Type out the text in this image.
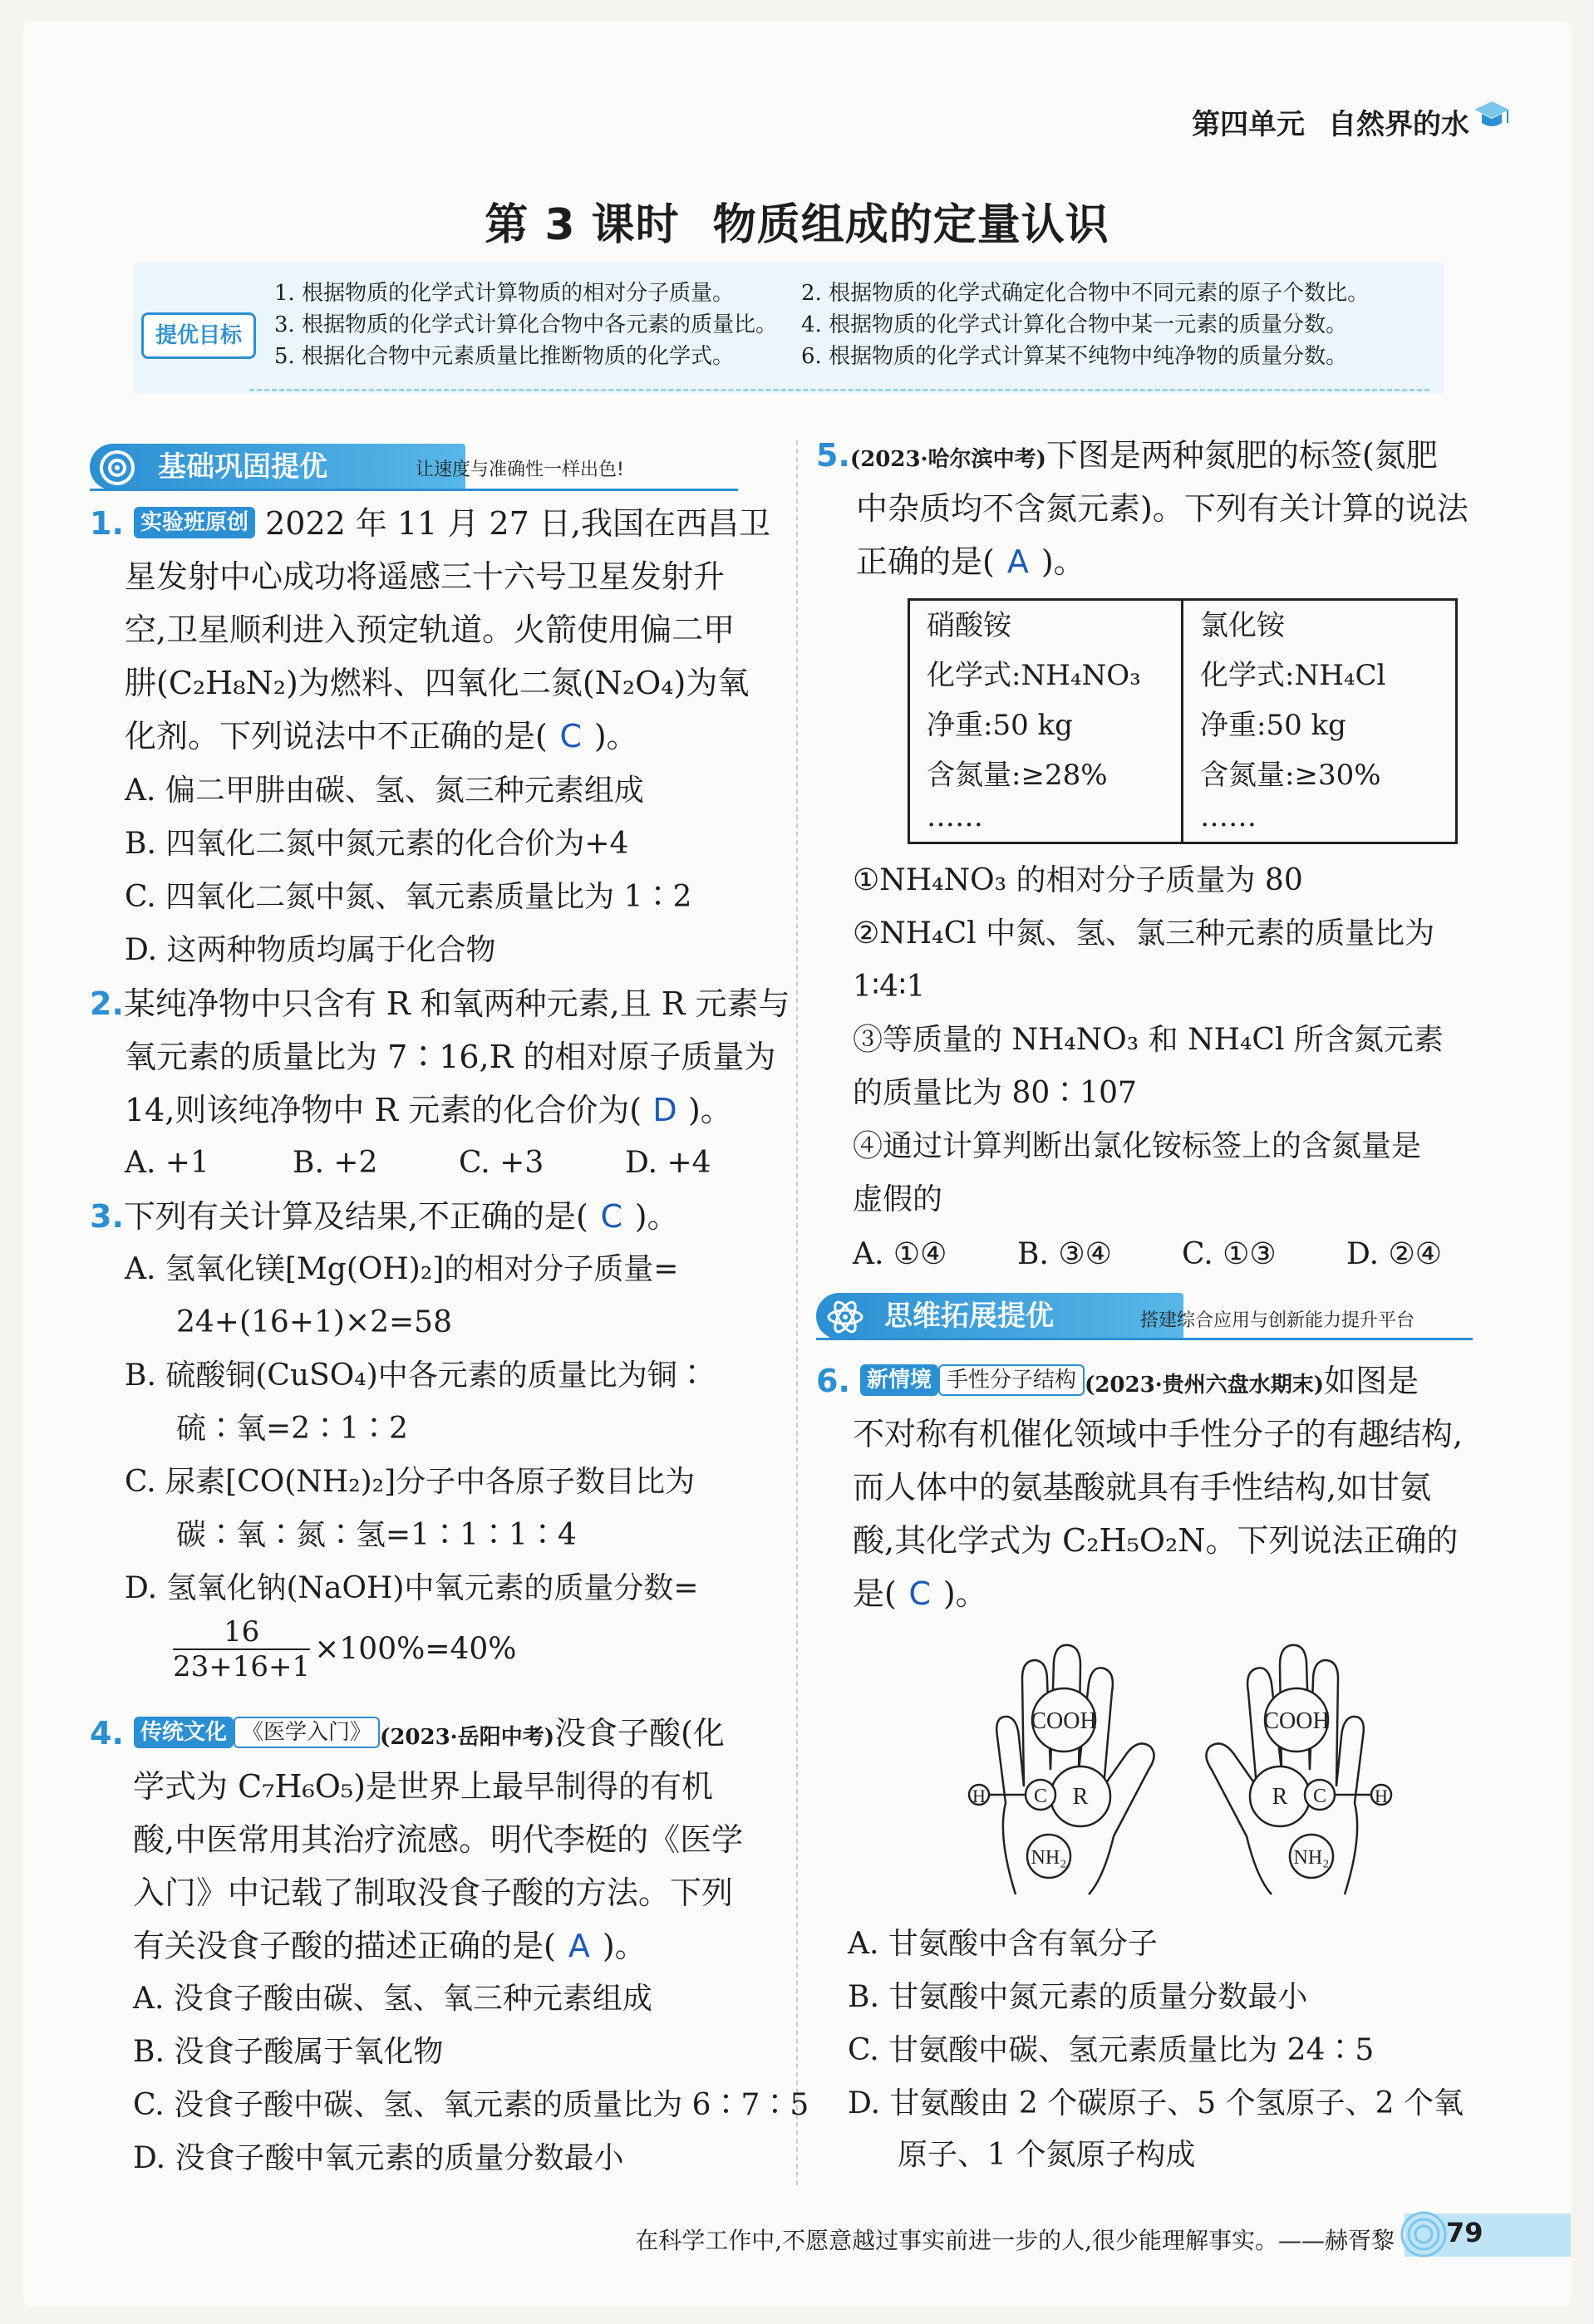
第四单元 自然界的水
第 3 课时 物质组成的定量认识
提优目标
1. 根据物质的化学式计算物质的相对分子质量。	2. 根据物质的化学式确定化合物中不同元素的原子个数比。
3. 根据物质的化学式计算化合物中各元素的质量比。 4. 根据物质的化学式计算化合物中某一元素的质量分数。
5. 根据化合物中元素质量比推断物质的化学式。	6. 根据物质的化学式计算某不纯物中纯净物的质量分数。
基础巩固提优	让速度与准确性一样出色!
1. 实验班原创 2022 年 11 月 27 日,我国在西昌卫
星发射中心成功将遥感三十六号卫星发射升
空,卫星顺利进入预定轨道。火箭使用偏二甲
肼(C₂H₈N₂)为燃料、四氧化二氮(N₂O₄)为氧
化剂。下列说法中不正确的是( C )。
A. 偏二甲肼由碳、氢、氮三种元素组成
B. 四氧化二氮中氮元素的化合价为+4
C. 四氧化二氮中氮、氧元素质量比为 1∶2
D. 这两种物质均属于化合物
2.某纯净物中只含有 R 和氧两种元素,且 R 元素与
氧元素的质量比为 7∶16,R 的相对原子质量为
14,则该纯净物中 R 元素的化合价为( D )。
A. +1	B. +2	C. +3	D. +4
3.下列有关计算及结果,不正确的是( C )。
A. 氢氧化镁[Mg(OH)₂]的相对分子质量=
24+(16+1)×2=58
B. 硫酸铜(CuSO₄)中各元素的质量比为铜∶
硫∶氧=2∶1∶2
C. 尿素[CO(NH₂)₂]分子中各原子数目比为
碳∶氧∶氮∶氢=1∶1∶1∶4
D. 氢氧化钠(NaOH)中氧元素的质量分数=
$\frac{16}{23+16+1} \times 100\%=40\%$
4. 传统文化 《医学入门》 (2023·岳阳中考)没食子酸(化
学式为 C₇H₆O₅)是世界上最早制得的有机
酸,中医常用其治疗流感。明代李梃的《医学
入门》中记载了制取没食子酸的方法。下列
有关没食子酸的描述正确的是( A )。
A. 没食子酸由碳、氢、氧三种元素组成
B. 没食子酸属于氧化物
C. 没食子酸中碳、氢、氧元素的质量比为 6∶7∶5
D. 没食子酸中氧元素的质量分数最小
5.(2023·哈尔滨中考)下图是两种氮肥的标签(氮肥
中杂质均不含氮元素)。下列有关计算的说法
正确的是( A )。
硝酸铵
化学式:NH₄NO₃
净重:50 kg
含氮量:≥28%
……
氯化铵
化学式:NH₄Cl
净重:50 kg
含氮量:≥30%
……
①NH₄NO₃ 的相对分子质量为 80
②NH₄Cl 中氮、氢、氯三种元素的质量比为
1∶4∶1
③等质量的 NH₄NO₃ 和 NH₄Cl 所含氮元素
的质量比为 80∶107
④通过计算判断出氯化铵标签上的含氮量是
虚假的
A. ①④ B. ③④ C. ①③ D. ②④
思维拓展提优	搭建综合应用与创新能力提升平台
6. 新情境 手性分子结构 (2023·贵州六盘水期末)如图是
不对称有机催化领域中手性分子的有趣结构,
而人体中的氨基酸就具有手性结构,如甘氨
酸,其化学式为 C₂H₅O₂N。下列说法正确的
是( C )。
COOH
H C R
NH₂
COOH
H
C
R
NH₂
A. 甘氨酸中含有氧分子
B. 甘氨酸中氮元素的质量分数最小
C. 甘氨酸中碳、氢元素质量比为 24∶5
D. 甘氨酸由 2 个碳原子、5 个氢原子、2 个氧
原子、1 个氮原子构成
在科学工作中,不愿意越过事实前进一步的人,很少能理解事实。——赫胥黎 79
